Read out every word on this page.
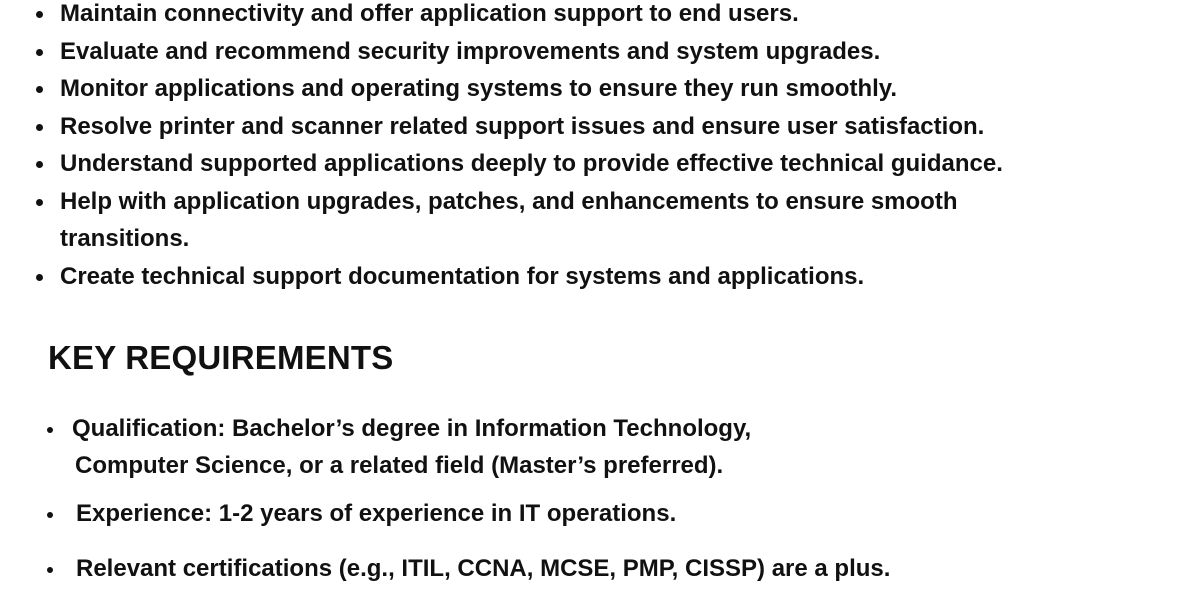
Maintain connectivity and offer application support to end users.
Evaluate and recommend security improvements and system upgrades.
Monitor applications and operating systems to ensure they run smoothly.
Resolve printer and scanner related support issues and ensure user satisfaction.
Understand supported applications deeply to provide effective technical guidance.
Help with application upgrades, patches, and enhancements to ensure smooth
transitions.
Create technical support documentation for systems and applications.
KEY REQUIREMENTS
Qualification: Bachelor’s degree in Information Technology,
Computer Science, or a related field (Master’s preferred).
Experience: 1-2 years of experience in IT operations.
Relevant certifications (e.g., ITIL, CCNA, MCSE, PMP, CISSP) are a plus.
